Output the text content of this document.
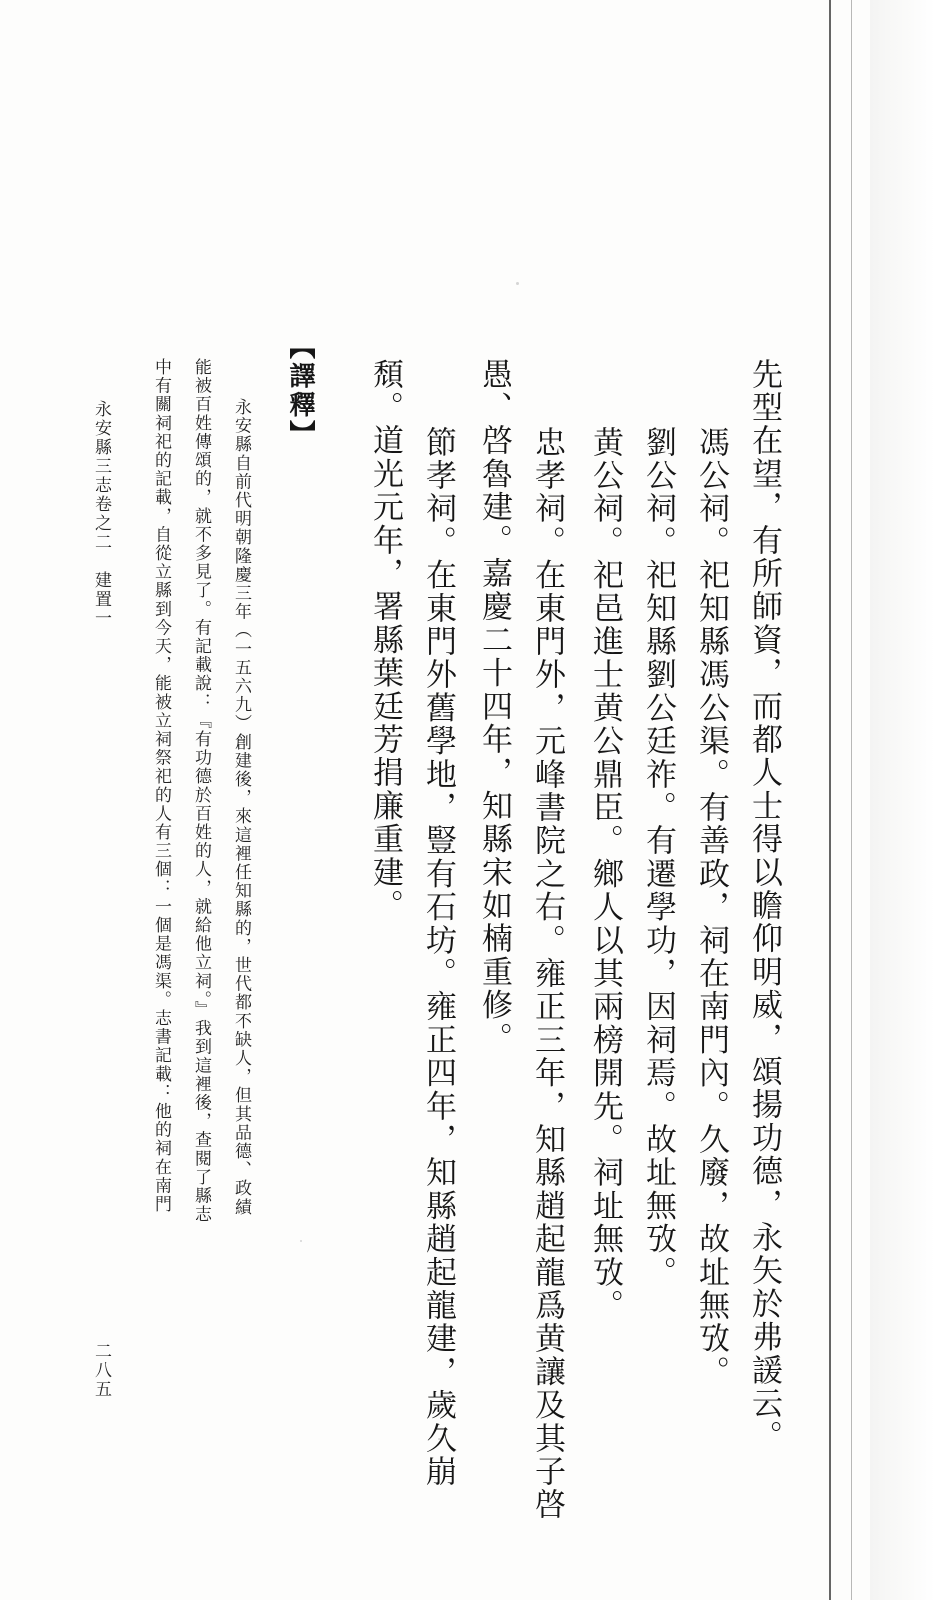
先型在望，有所師資，而都人士得以瞻仰明威，頌揚功德，永矢於弗諼云。

馮公祠。祀知縣馮公渠。有善政，祠在南門內。久廢，故址無攷。

劉公祠。祀知縣劉公廷祚。有遷學功，因祠焉。故址無攷。

黄公祠。祀邑進士黄公鼎臣。鄉人以其兩榜開先。祠址無攷。

忠孝祠。在東門外，元峰書院之右。雍正三年，知縣趙起龍爲黄讓及其子啓

愚、啓魯建。嘉慶二十四年，知縣宋如楠重修。

節孝祠。在東門外舊學地，豎有石坊。雍正四年，知縣趙起龍建，歲久崩

頹。道光元年，署縣葉廷芳捐廉重建。

【譯釋】

永安縣自前代明朝隆慶三年（一五六九）創建後，來這裡任知縣的，世代都不缺人，但其品德、政績

能被百姓傳頌的，就不多見了。有記載說：『有功德於百姓的人，就給他立祠。』我到這裡後，查閱了縣志

中有關祠祀的記載，自從立縣到今天，能被立祠祭祀的人有三個：一個是馮渠。志書記載：他的祠在南門

永安縣三志卷之二　建置一

二八五
